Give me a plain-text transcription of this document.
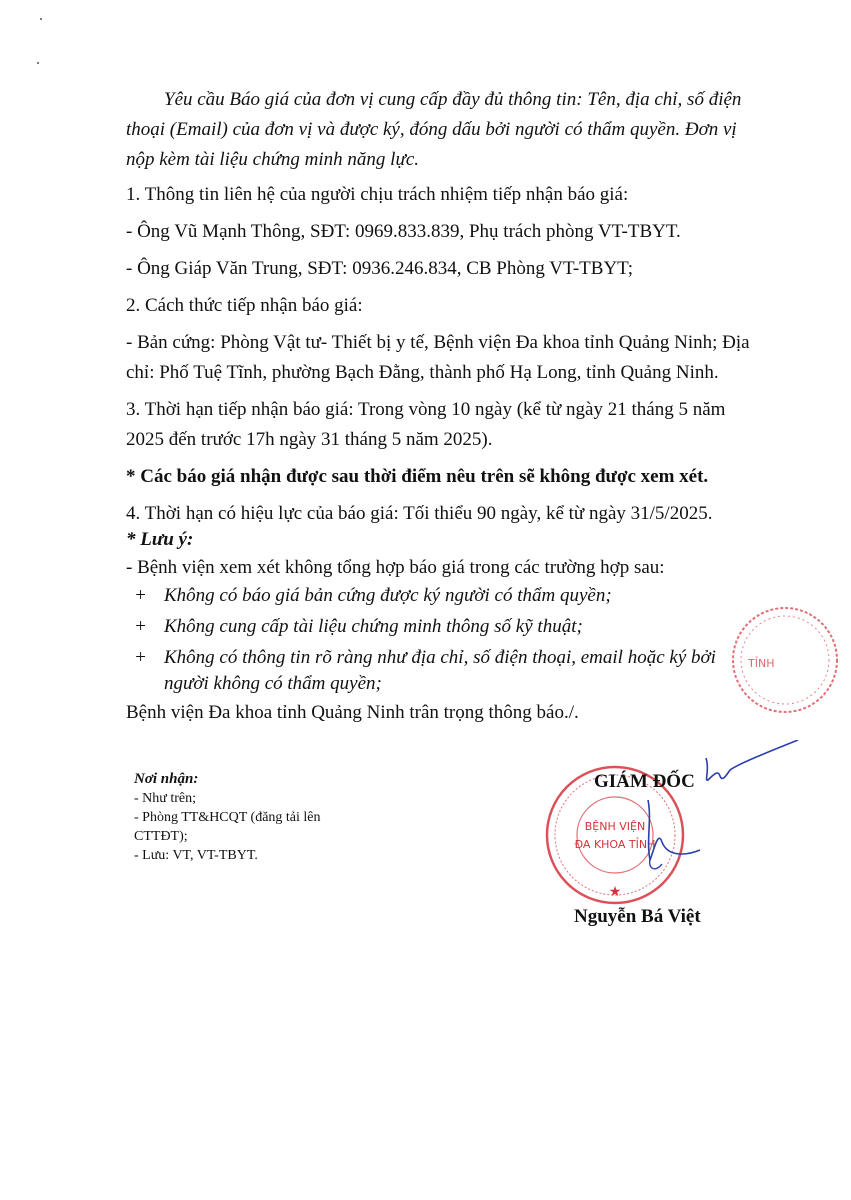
Yêu cầu Báo giá của đơn vị cung cấp đầy đủ thông tin: Tên, địa chỉ, số điện
thoại (Email) của đơn vị và được ký, đóng dấu bởi người có thẩm quyền. Đơn vị
nộp kèm tài liệu chứng minh năng lực.
1. Thông tin liên hệ của người chịu trách nhiệm tiếp nhận báo giá:
- Ông Vũ Mạnh Thông, SĐT: 0969.833.839, Phụ trách phòng VT-TBYT.
- Ông Giáp Văn Trung, SĐT: 0936.246.834, CB Phòng VT-TBYT;
2. Cách thức tiếp nhận báo giá:
- Bản cứng: Phòng Vật tư- Thiết bị y tế, Bệnh viện Đa khoa tỉnh Quảng Ninh; Địa
chỉ: Phố Tuệ Tĩnh, phường Bạch Đằng, thành phố Hạ Long, tỉnh Quảng Ninh.
3. Thời hạn tiếp nhận báo giá: Trong vòng 10 ngày (kể từ ngày 21 tháng 5 năm
2025 đến trước 17h ngày 31 tháng 5 năm 2025).
* Các báo giá nhận được sau thời điểm nêu trên sẽ không được xem xét.
4. Thời hạn có hiệu lực của báo giá: Tối thiểu 90 ngày, kể từ ngày 31/5/2025.
* Lưu ý:
- Bệnh viện xem xét không tổng hợp báo giá trong các trường hợp sau:
+ Không có báo giá bản cứng được ký người có thẩm quyền;
+ Không cung cấp tài liệu chứng minh thông số kỹ thuật;
+ Không có thông tin rõ ràng như địa chỉ, số điện thoại, email hoặc ký bởi
người không có thẩm quyền;
Bệnh viện Đa khoa tỉnh Quảng Ninh trân trọng thông báo./.
Nơi nhận:
- Như trên;
- Phòng TT&HCQT (đăng tải lên
CTTĐT);
- Lưu: VT, VT-TBYT.
TỈNH
BỆNH VIỆN
ĐA KHOA TỈNH
★
GIÁM ĐỐC
Nguyễn Bá Việt
